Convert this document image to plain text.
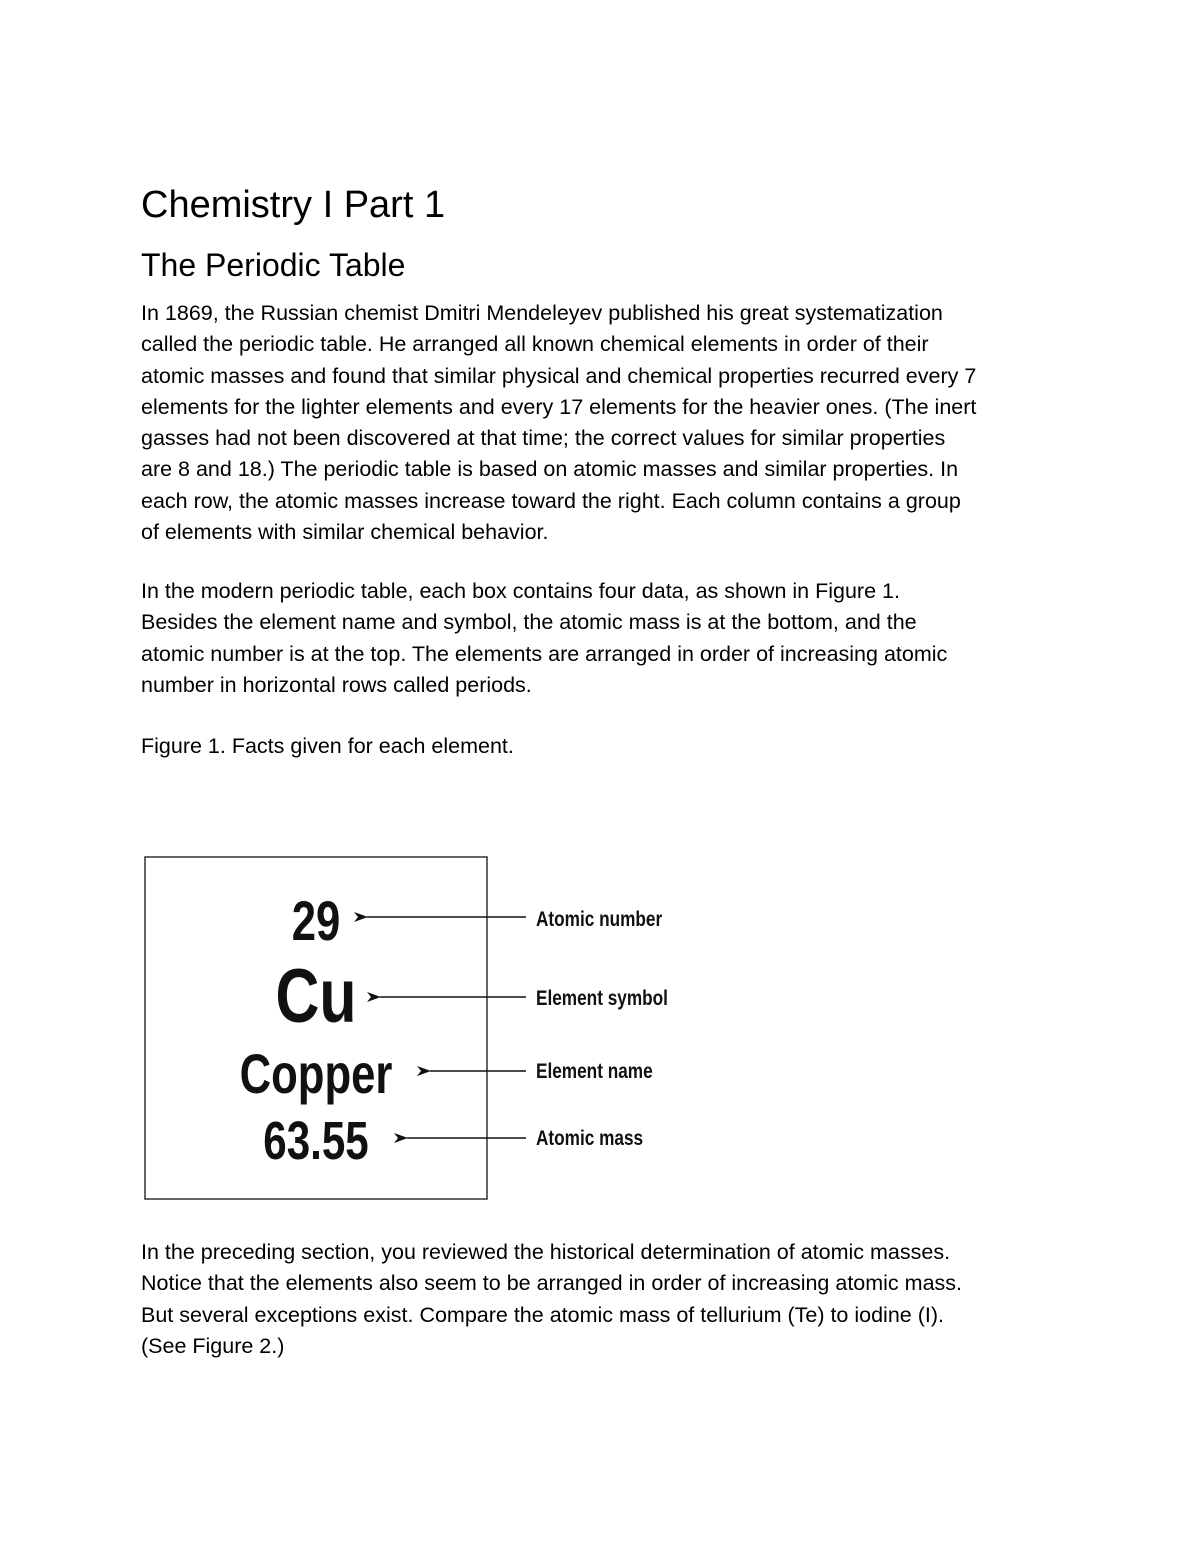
Chemistry I Part 1
The Periodic Table

In 1869, the Russian chemist Dmitri Mendeleyev published his great systematization
called the periodic table. He arranged all known chemical elements in order of their
atomic masses and found that similar physical and chemical properties recurred every 7
elements for the lighter elements and every 17 elements for the heavier ones. (The inert
gasses had not been discovered at that time; the correct values for similar properties
are 8 and 18.) The periodic table is based on atomic masses and similar properties. In
each row, the atomic masses increase toward the right. Each column contains a group
of elements with similar chemical behavior.

In the modern periodic table, each box contains four data, as shown in Figure 1.
Besides the element name and symbol, the atomic mass is at the bottom, and the
atomic number is at the top. The elements are arranged in order of increasing atomic
number in horizontal rows called periods.

Figure 1. Facts given for each element.

29
Cu
Copper
63.55
Atomic number
Element symbol
Element name
Atomic mass

In the preceding section, you reviewed the historical determination of atomic masses.
Notice that the elements also seem to be arranged in order of increasing atomic mass.
But several exceptions exist. Compare the atomic mass of tellurium (Te) to iodine (I).
(See Figure 2.)
